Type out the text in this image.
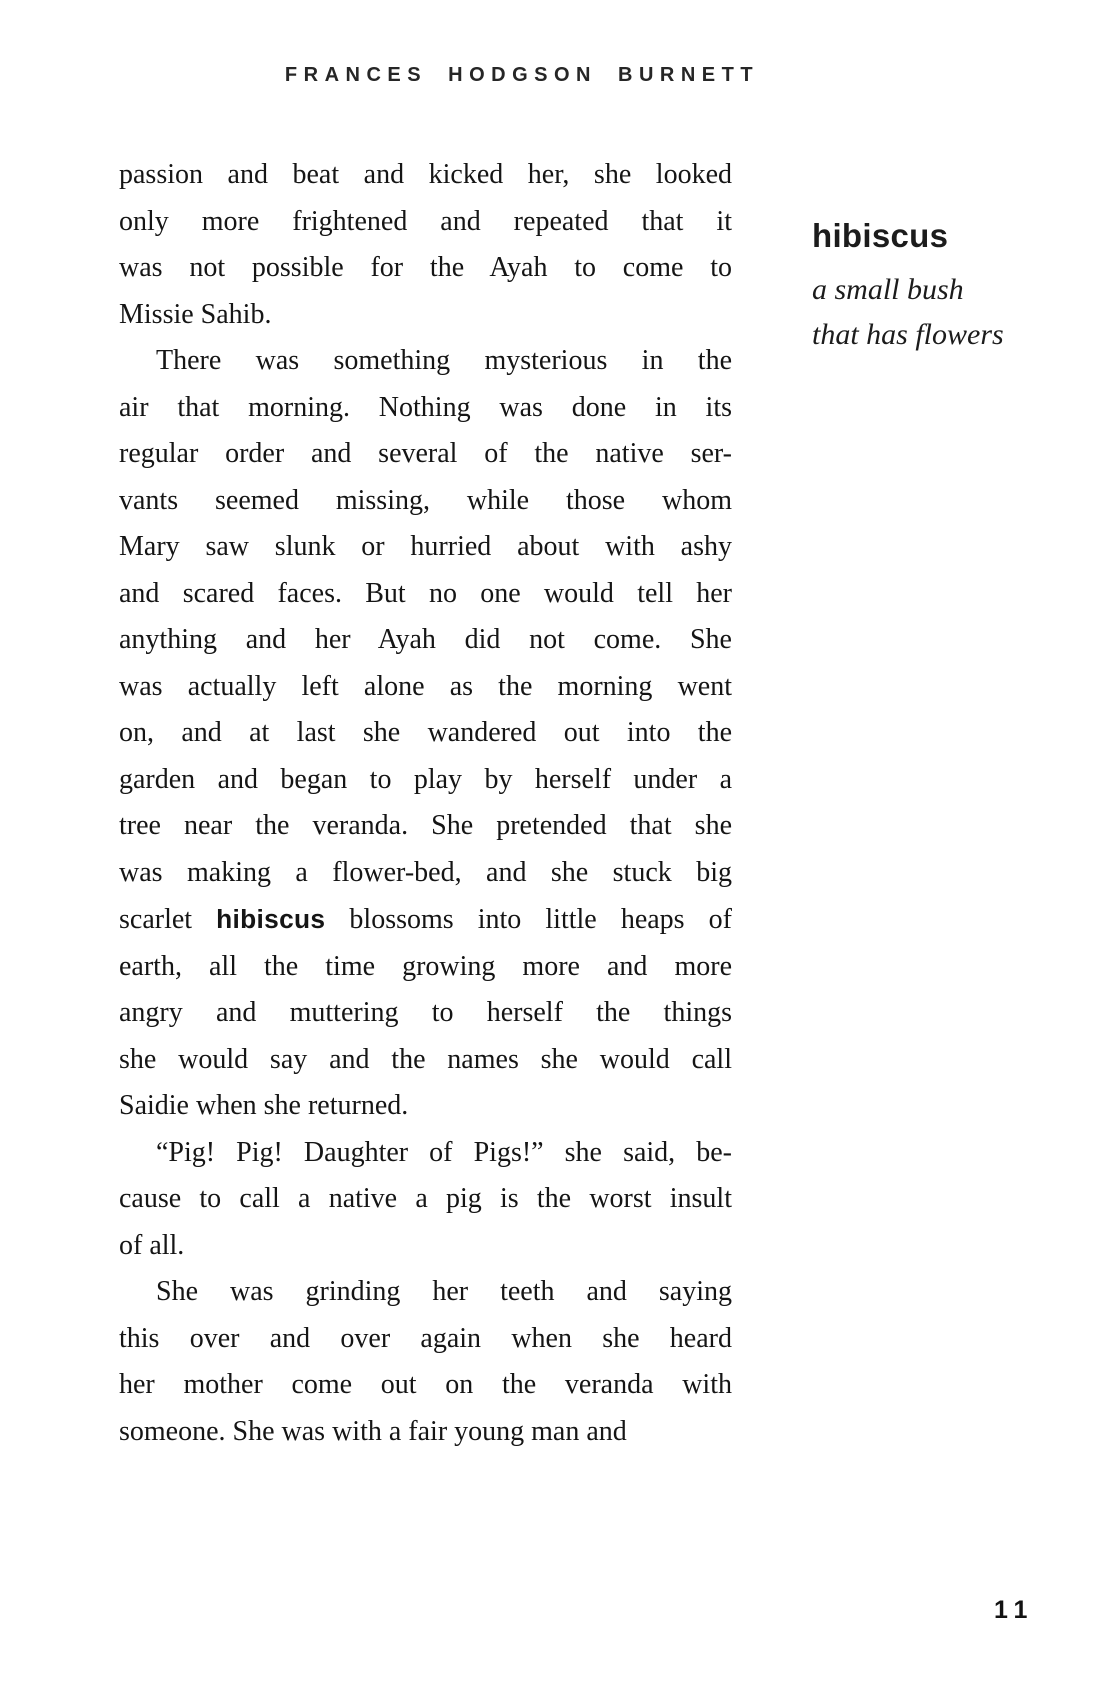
FRANCES HODGSON BURNETT
passion and beat and kicked her, she looked
only more frightened and repeated that it
was not possible for the Ayah to come to
Missie Sahib.
There was something mysterious in the
air that morning. Nothing was done in its
regular order and several of the native ser-
vants seemed missing, while those whom
Mary saw slunk or hurried about with ashy
and scared faces. But no one would tell her
anything and her Ayah did not come. She
was actually left alone as the morning went
on, and at last she wandered out into the
garden and began to play by herself under a
tree near the veranda. She pretended that she
was making a flower-bed, and she stuck big
scarlet hibiscus blossoms into little heaps of
earth, all the time growing more and more
angry and muttering to herself the things
she would say and the names she would call
Saidie when she returned.
“Pig! Pig! Daughter of Pigs!” she said, be-
cause to call a native a pig is the worst insult
of all.
She was grinding her teeth and saying
this over and over again when she heard
her mother come out on the veranda with
someone. She was with a fair young man and
hibiscus
a small bush
that has flowers
11
